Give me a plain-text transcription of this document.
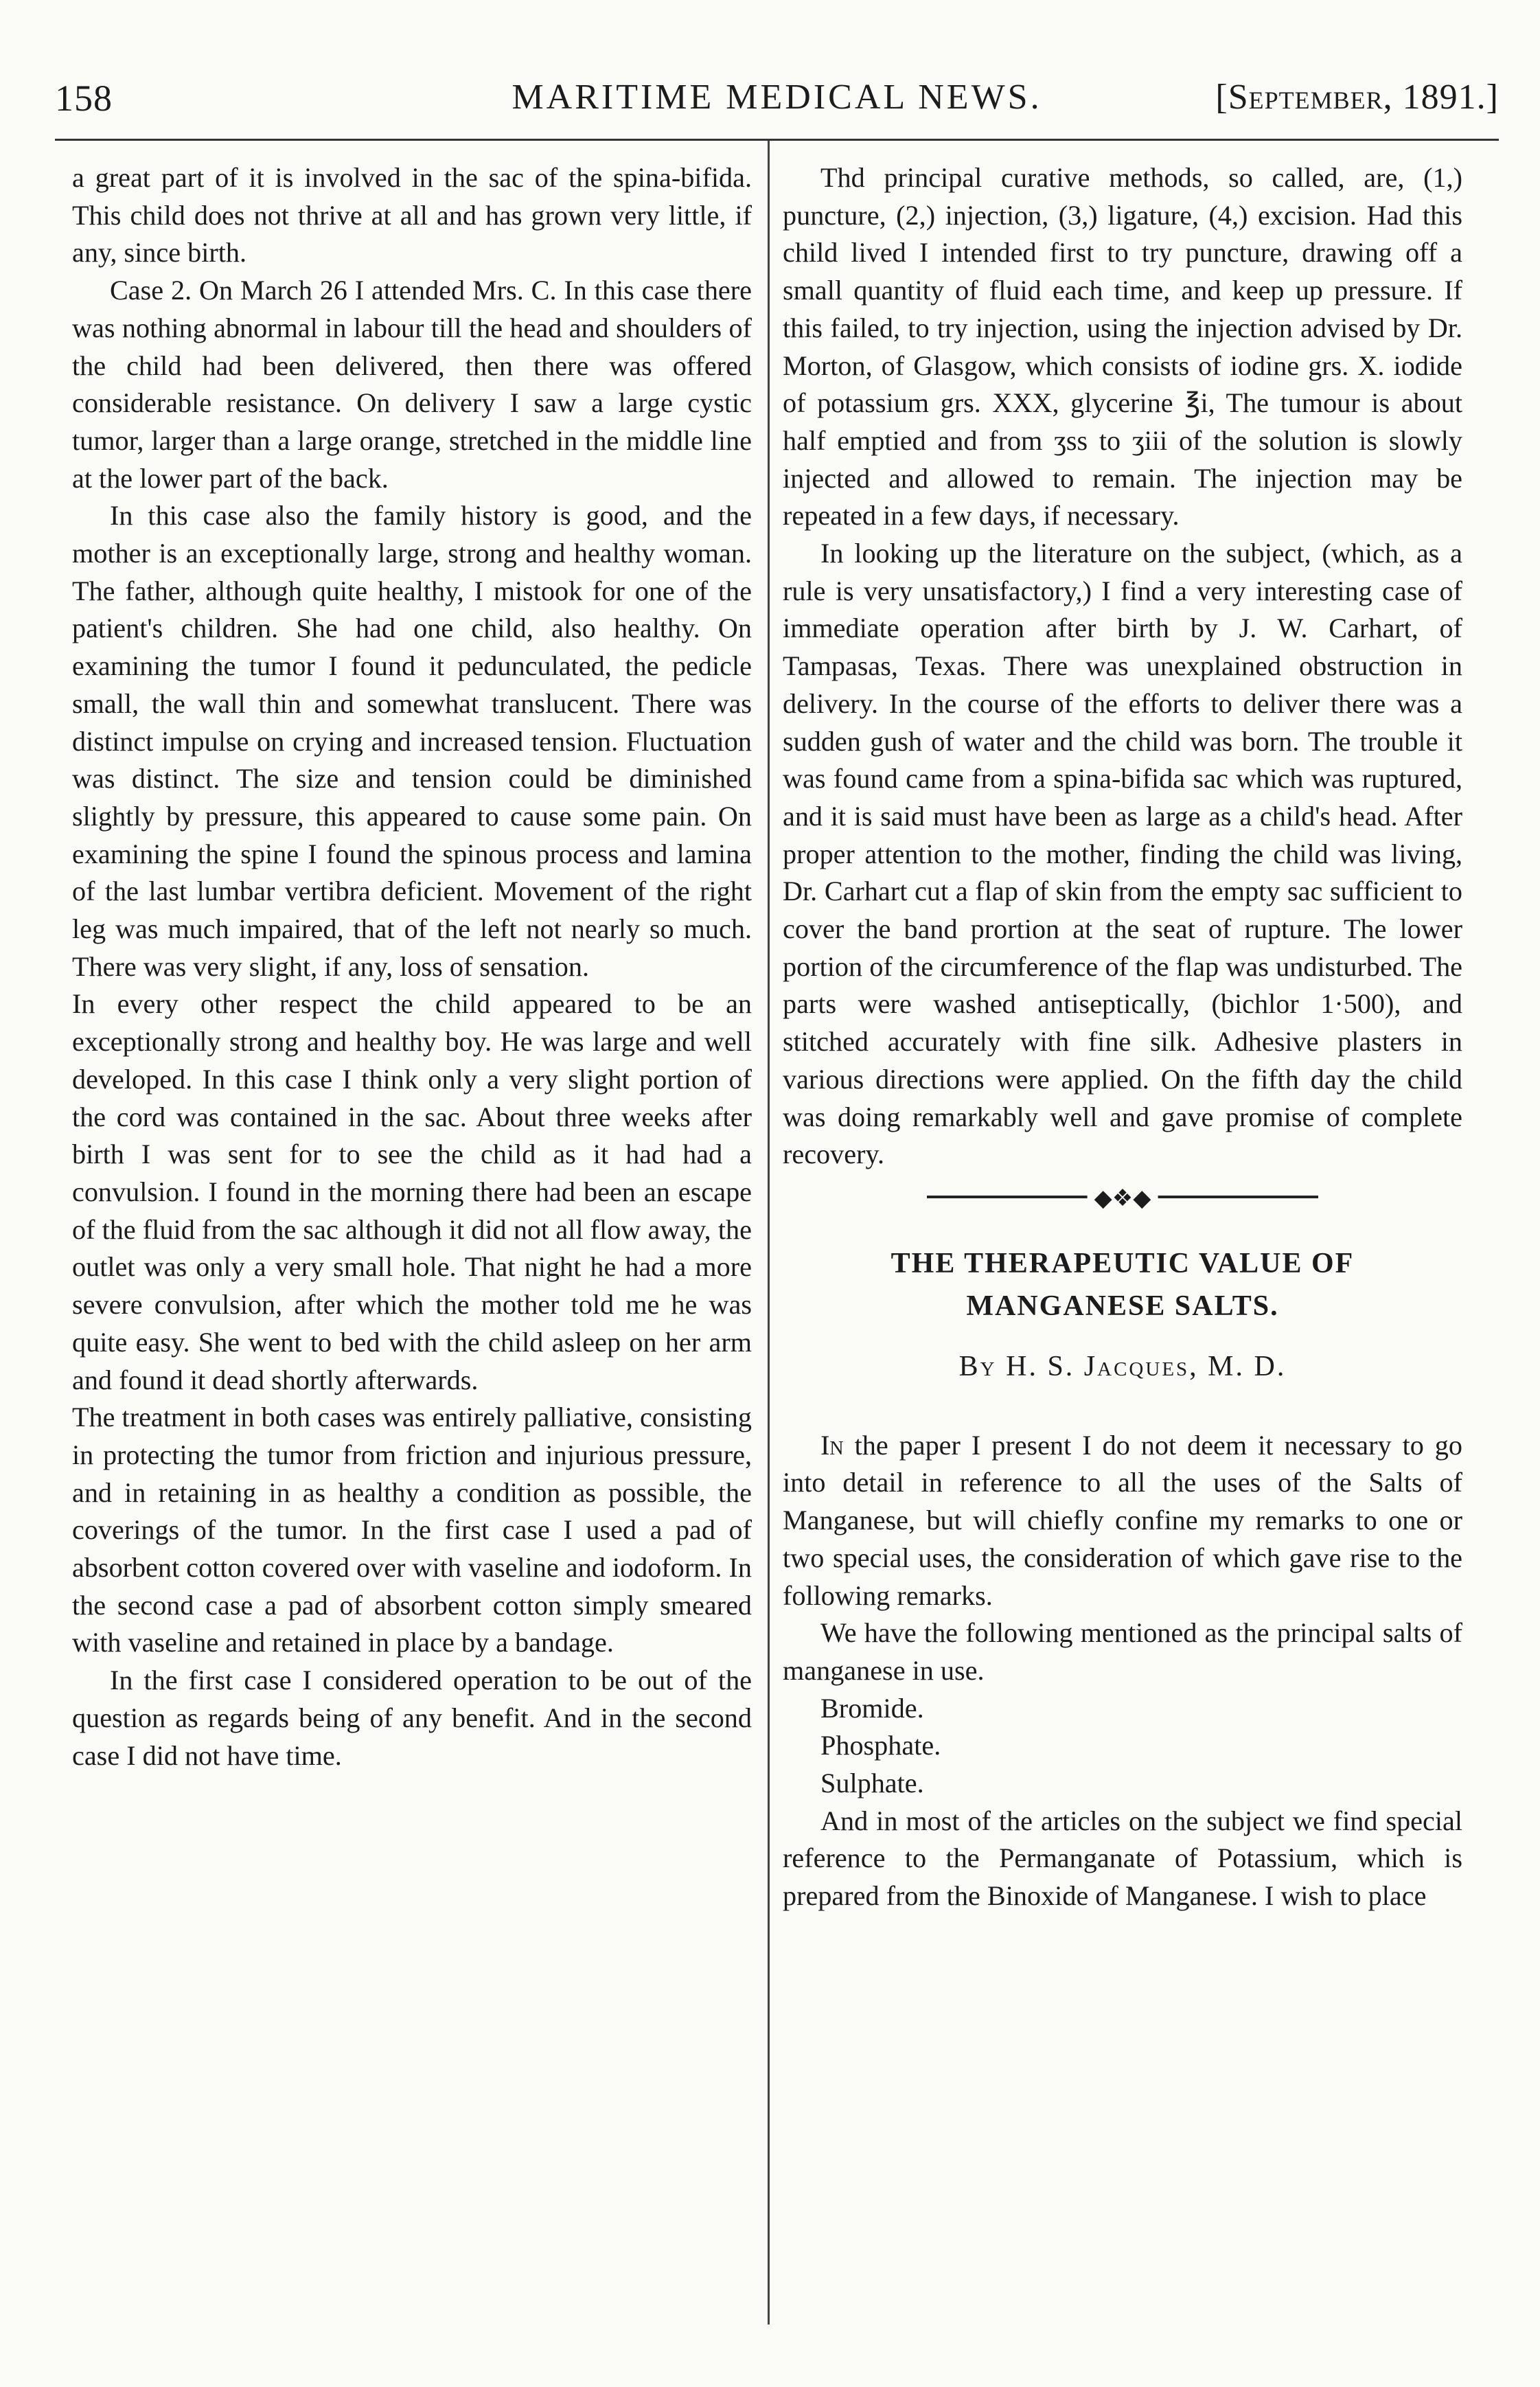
158	MARITIME MEDICAL NEWS.	[September, 1891.]

a great part of it is involved in the sac of the spina-bifida. This child does not thrive at all and has grown very little, if any, since birth.

Case 2. On March 26 I attended Mrs. C. In this case there was nothing abnormal in labour till the head and shoulders of the child had been delivered, then there was offered considerable resistance. On delivery I saw a large cystic tumor, larger than a large orange, stretched in the middle line at the lower part of the back.

In this case also the family history is good, and the mother is an exceptionally large, strong and healthy woman. The father, although quite healthy, I mistook for one of the patient's children. She had one child, also healthy. On examining the tumor I found it pedunculated, the pedicle small, the wall thin and somewhat translucent. There was distinct impulse on crying and increased tension. Fluctuation was distinct. The size and tension could be diminished slightly by pressure, this appeared to cause some pain. On examining the spine I found the spinous process and lamina of the last lumbar vertibra deficient. Movement of the right leg was much impaired, that of the left not nearly so much. There was very slight, if any, loss of sensation.

In every other respect the child appeared to be an exceptionally strong and healthy boy. He was large and well developed. In this case I think only a very slight portion of the cord was contained in the sac. About three weeks after birth I was sent for to see the child as it had had a convulsion. I found in the morning there had been an escape of the fluid from the sac although it did not all flow away, the outlet was only a very small hole. That night he had a more severe convulsion, after which the mother told me he was quite easy. She went to bed with the child asleep on her arm and found it dead shortly afterwards.

The treatment in both cases was entirely palliative, consisting in protecting the tumor from friction and injurious pressure, and in retaining in as healthy a condition as possible, the coverings of the tumor. In the first case I used a pad of absorbent cotton covered over with vaseline and iodoform. In the second case a pad of absorbent cotton simply smeared with vaseline and retained in place by a bandage.

In the first case I considered operation to be out of the question as regards being of any benefit. And in the second case I did not have time.

Thd principal curative methods, so called, are, (1,) puncture, (2,) injection, (3,) ligature, (4,) excision. Had this child lived I intended first to try puncture, drawing off a small quantity of fluid each time, and keep up pressure. If this failed, to try injection, using the injection advised by Dr. Morton, of Glasgow, which consists of iodine grs. X. iodide of potassium grs. XXX, glycerine ℥i, The tumour is about half emptied and from ʒss to ʒiii of the solution is slowly injected and allowed to remain. The injection may be repeated in a few days, if necessary.

In looking up the literature on the subject, (which, as a rule is very unsatisfactory,) I find a very interesting case of immediate operation after birth by J. W. Carhart, of Tampasas, Texas. There was unexplained obstruction in delivery. In the course of the efforts to deliver there was a sudden gush of water and the child was born. The trouble it was found came from a spina-bifida sac which was ruptured, and it is said must have been as large as a child's head. After proper attention to the mother, finding the child was living, Dr. Carhart cut a flap of skin from the empty sac sufficient to cover the band prortion at the seat of rupture. The lower portion of the circumference of the flap was undisturbed. The parts were washed antiseptically, (bichlor 1·500), and stitched accurately with fine silk. Adhesive plasters in various directions were applied. On the fifth day the child was doing remarkably well and gave promise of complete recovery.

◆❖◆
THE THERAPEUTIC VALUE OF
MANGANESE SALTS.
By H. S. Jacques, M. D.

In the paper I present I do not deem it necessary to go into detail in reference to all the uses of the Salts of Manganese, but will chiefly confine my remarks to one or two special uses, the consideration of which gave rise to the following remarks.

We have the following mentioned as the principal salts of manganese in use.

Bromide.

Phosphate.

Sulphate.

And in most of the articles on the subject we find special reference to the Permanganate of Potassium, which is prepared from the Binoxide of Manganese. I wish to place
